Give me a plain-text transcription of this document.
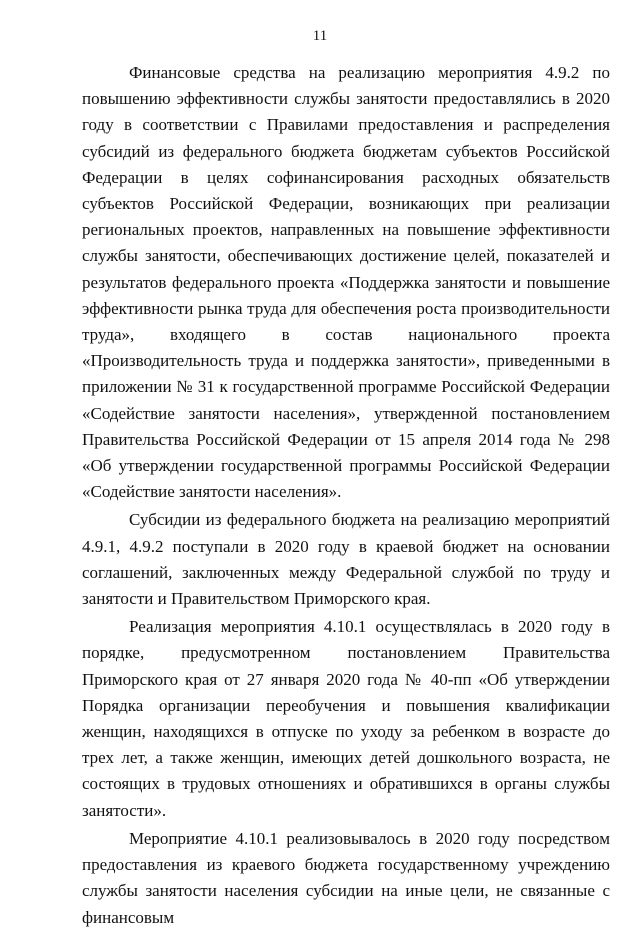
11

Финансовые средства на реализацию мероприятия 4.9.2 по повышению эффективности службы занятости предоставлялись в 2020 году в соответствии с Правилами предоставления и распределения субсидий из федерального бюджета бюджетам субъектов Российской Федерации в целях софинансирования расходных обязательств субъектов Российской Федерации, возникающих при реализации региональных проектов, направленных на повышение эффективности службы занятости, обеспечивающих достижение целей, показателей и результатов федерального проекта «Поддержка занятости и повышение эффективности рынка труда для обеспечения роста производительности труда», входящего в состав национального проекта «Производительность труда и поддержка занятости», приведенными в приложении № 31 к государственной программе Российской Федерации «Содействие занятости населения», утвержденной постановлением Правительства Российской Федерации от 15 апреля 2014 года № 298 «Об утверждении государственной программы Российской Федерации «Содействие занятости населения».

Субсидии из федерального бюджета на реализацию мероприятий 4.9.1, 4.9.2 поступали в 2020 году в краевой бюджет на основании соглашений, заключенных между Федеральной службой по труду и занятости и Правительством Приморского края.

Реализация мероприятия 4.10.1 осуществлялась в 2020 году в порядке, предусмотренном постановлением Правительства Приморского края от 27 января 2020 года № 40-пп «Об утверждении Порядка организации переобучения и повышения квалификации женщин, находящихся в отпуске по уходу за ребенком в возрасте до трех лет, а также женщин, имеющих детей дошкольного возраста, не состоящих в трудовых отношениях и обратившихся в органы службы занятости».

Мероприятие 4.10.1 реализовывалось в 2020 году посредством предоставления из краевого бюджета государственному учреждению службы занятости населения субсидии на иные цели, не связанные с финансовым
